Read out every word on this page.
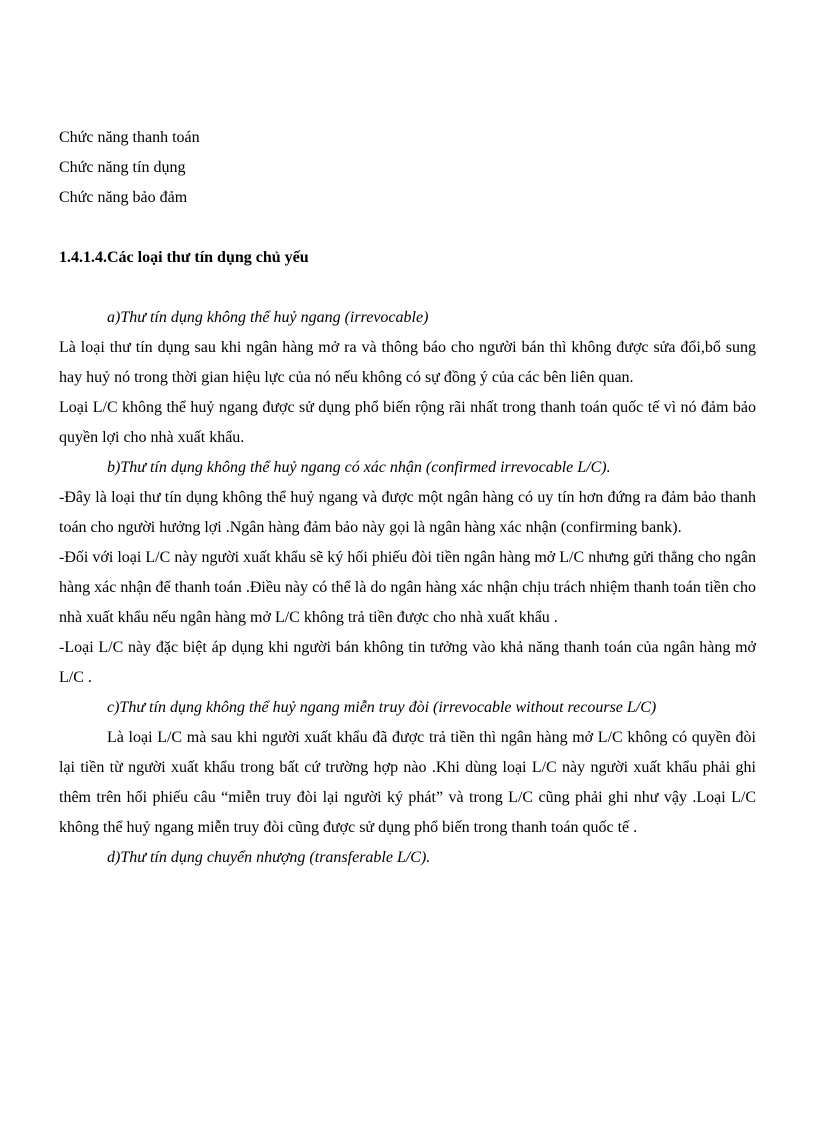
Chức năng thanh toán

Chức năng tín dụng

Chức năng bảo đảm

1.4.1.4.Các loại thư tín dụng chủ yếu

a)Thư tín dụng không thể huỷ ngang (irrevocable)

Là loại thư tín dụng sau khi ngân hàng mở ra và thông báo cho người bán thì không được sửa đổi,bổ sung hay huỷ nó trong thời gian hiệu lực của nó nếu không có sự đồng ý của các bên liên quan.

Loại L/C không thể huỷ ngang được sử dụng phổ biến rộng rãi nhất trong thanh toán quốc tế vì nó đảm bảo quyền lợi cho nhà xuất khẩu.

b)Thư tín dụng không thể huỷ ngang có xác nhận (confirmed irrevocable L/C).

-Đây là loại thư tín dụng không thể huỷ ngang và được một ngân hàng có uy tín hơn đứng ra đảm bảo thanh toán cho người hưởng lợi .Ngân hàng đảm bảo này gọi là ngân hàng xác nhận (confirming bank).

-Đối với loại L/C này người xuất khẩu sẽ ký hối phiếu đòi tiền ngân hàng mở L/C nhưng gửi thẳng cho ngân hàng xác nhận để thanh toán .Điều này có thể là do ngân hàng xác nhận chịu trách nhiệm thanh toán tiền cho nhà xuất khẩu nếu ngân hàng mở L/C không trả tiền được cho nhà xuất khẩu .

-Loại L/C này đặc biệt áp dụng khi người bán không tin tưởng vào khả năng thanh toán của ngân hàng mở L/C .

c)Thư tín dụng không thể huỷ ngang miễn truy đòi (irrevocable without recourse L/C)

Là loại L/C mà sau khi người xuất khẩu đã được trả tiền thì ngân hàng mở L/C không có quyền đòi lại tiền từ người xuất khẩu trong bất cứ trường hợp nào .Khi dùng loại L/C này người xuất khẩu phải ghi thêm trên hối phiếu câu “miễn truy đòi lại người ký phát” và trong L/C cũng phải ghi như vậy .Loại L/C không thể huỷ ngang miễn truy đòi cũng được sử dụng phổ biến trong thanh toán quốc tế .

d)Thư tín dụng chuyển nhượng (transferable L/C).
